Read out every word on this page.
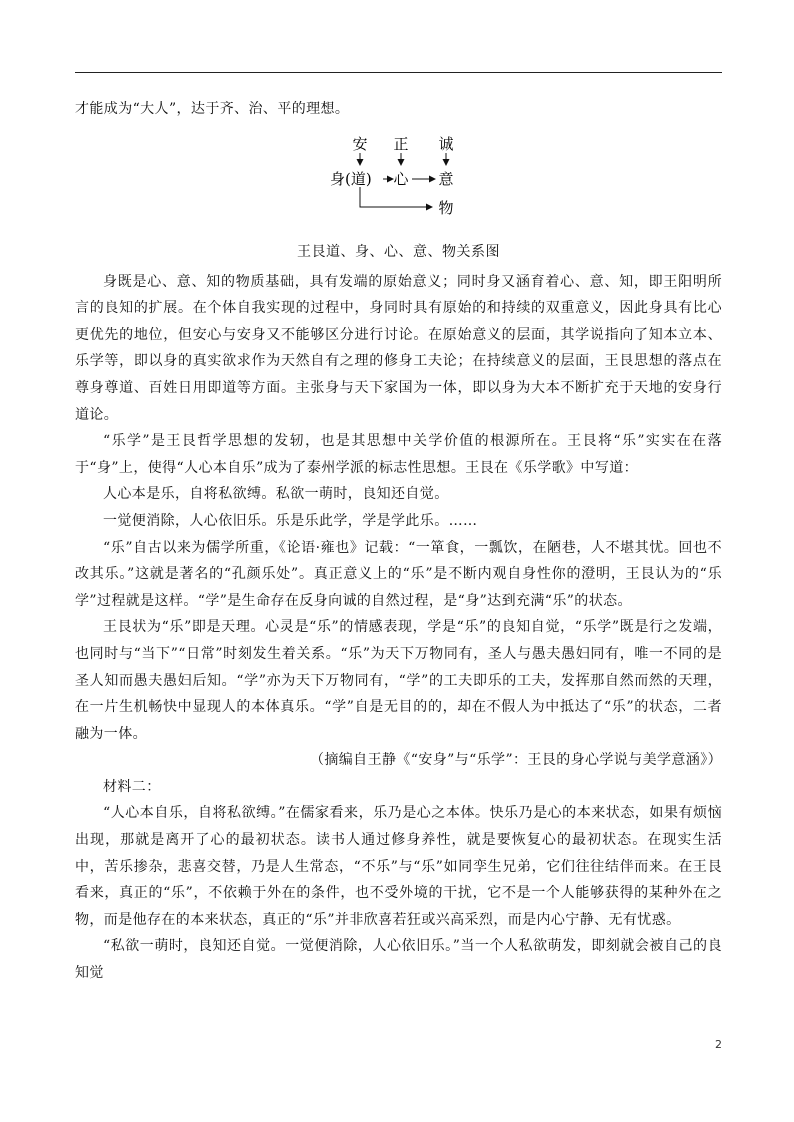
才能成为“大人”，达于齐、治、平的理想。

安 正 诚
身(道) 心 意
物
王艮道、身、心、意、物关系图

身既是心、意、知的物质基础，具有发端的原始意义；同时身又涵育着心、意、知，即王阳明所言的良知的扩展。在个体自我实现的过程中，身同时具有原始的和持续的双重意义，因此身具有比心更优先的地位，但安心与安身又不能够区分进行讨论。在原始意义的层面，其学说指向了知本立本、乐学等，即以身的真实欲求作为天然自有之理的修身工夫论；在持续意义的层面，王艮思想的落点在尊身尊道、百姓日用即道等方面。主张身与天下家国为一体，即以身为大本不断扩充于天地的安身行道论。

“乐学”是王艮哲学思想的发轫，也是其思想中关学价值的根源所在。王艮将“乐”实实在在落于“身”上，使得“人心本自乐”成为了泰州学派的标志性思想。王艮在《乐学歌》中写道：

人心本是乐，自将私欲缚。私欲一萌时，良知还自觉。

一觉便消除，人心依旧乐。乐是乐此学，学是学此乐。……

“乐”自古以来为儒学所重，《论语·雍也》记载：“一箪食，一瓢饮，在陋巷，人不堪其忧。回也不改其乐。”这就是著名的“孔颜乐处”。真正意义上的“乐”是不断内观自身性你的澄明，王艮认为的“乐学”过程就是这样。“学”是生命存在反身向诚的自然过程，是“身”达到充满“乐”的状态。

王艮状为“乐”即是天理。心灵是“乐”的情感表现，学是“乐”的良知自觉，“乐学”既是行之发端，也同时与“当下”“日常”时刻发生着关系。“乐”为天下万物同有，圣人与愚夫愚妇同有，唯一不同的是圣人知而愚夫愚妇后知。“学”亦为天下万物同有，“学”的工夫即乐的工夫，发挥那自然而然的天理，在一片生机畅快中显现人的本体真乐。“学”自是无目的的，却在不假人为中抵达了“乐”的状态，二者融为一体。

（摘编自王静《“安身”与“乐学”：王艮的身心学说与美学意涵》）

材料二：

“人心本自乐，自将私欲缚。”在儒家看来，乐乃是心之本体。快乐乃是心的本来状态，如果有烦恼出现，那就是离开了心的最初状态。读书人通过修身养性，就是要恢复心的最初状态。在现实生活中，苦乐掺杂，悲喜交替，乃是人生常态，“不乐”与“乐”如同孪生兄弟，它们往往结伴而来。在王艮看来，真正的“乐”，不依赖于外在的条件，也不受外境的干扰，它不是一个人能够获得的某种外在之物，而是他存在的本来状态，真正的“乐”并非欣喜若狂或兴高采烈，而是内心宁静、无有忧惑。

“私欲一萌时，良知还自觉。一觉便消除，人心依旧乐。”当一个人私欲萌发，即刻就会被自己的良知觉

2
